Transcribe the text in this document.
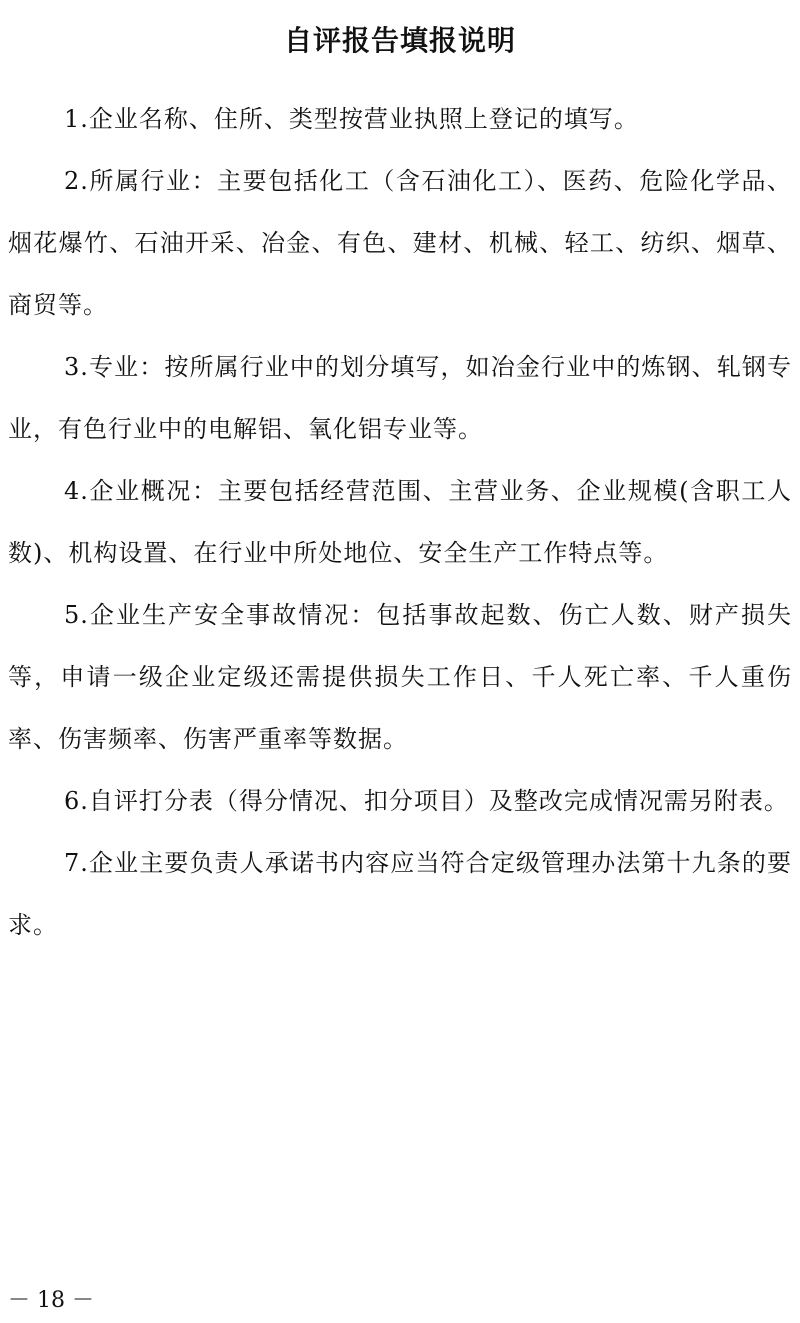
自评报告填报说明

1.企业名称、住所、类型按营业执照上登记的填写。

2.所属行业：主要包括化工（含石油化工）、医药、危险化学品、烟花爆竹、石油开采、冶金、有色、建材、机械、轻工、纺织、烟草、商贸等。

3.专业：按所属行业中的划分填写，如冶金行业中的炼钢、轧钢专业，有色行业中的电解铝、氧化铝专业等。

4.企业概况：主要包括经营范围、主营业务、企业规模(含职工人数)、机构设置、在行业中所处地位、安全生产工作特点等。

5.企业生产安全事故情况：包括事故起数、伤亡人数、财产损失等，申请一级企业定级还需提供损失工作日、千人死亡率、千人重伤率、伤害频率、伤害严重率等数据。

6.自评打分表（得分情况、扣分项目）及整改完成情况需另附表。

7.企业主要负责人承诺书内容应当符合定级管理办法第十九条的要求。

－ 18 －
